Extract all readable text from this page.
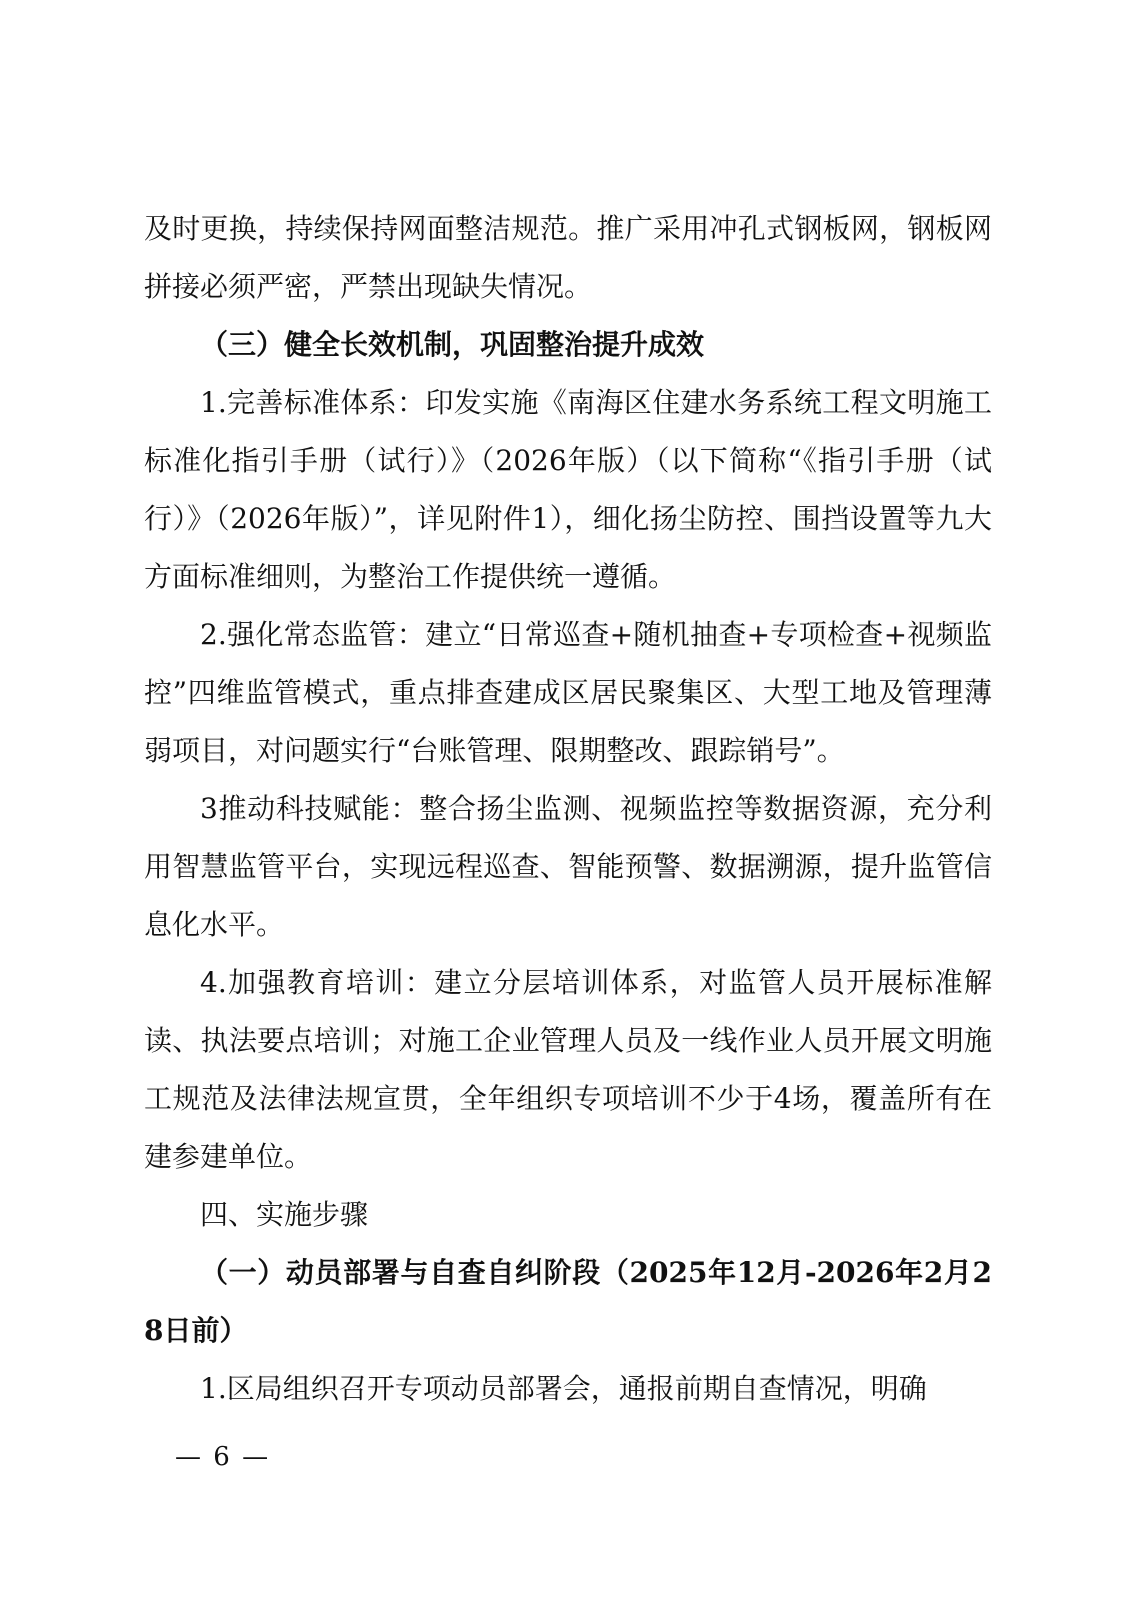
及时更换，持续保持网面整洁规范。推广采用冲孔式钢板网，钢板网拼接必须严密，严禁出现缺失情况。

（三）健全长效机制，巩固整治提升成效

1.完善标准体系：印发实施《南海区住建水务系统工程文明施工标准化指引手册（试行）》（2026年版）（以下简称“《指引手册（试行）》（2026年版）”，详见附件1），细化扬尘防控、围挡设置等九大方面标准细则，为整治工作提供统一遵循。

2.强化常态监管：建立“日常巡查+随机抽查+专项检查+视频监控”四维监管模式，重点排查建成区居民聚集区、大型工地及管理薄弱项目，对问题实行“台账管理、限期整改、跟踪销号”。

3推动科技赋能：整合扬尘监测、视频监控等数据资源，充分利用智慧监管平台，实现远程巡查、智能预警、数据溯源，提升监管信息化水平。

4.加强教育培训：建立分层培训体系，对监管人员开展标准解读、执法要点培训；对施工企业管理人员及一线作业人员开展文明施工规范及法律法规宣贯，全年组织专项培训不少于4场，覆盖所有在建参建单位。

四、实施步骤

（一）动员部署与自查自纠阶段（2025年12月-2026年2月28日前）

1.区局组织召开专项动员部署会，通报前期自查情况，明确

— 6 —
